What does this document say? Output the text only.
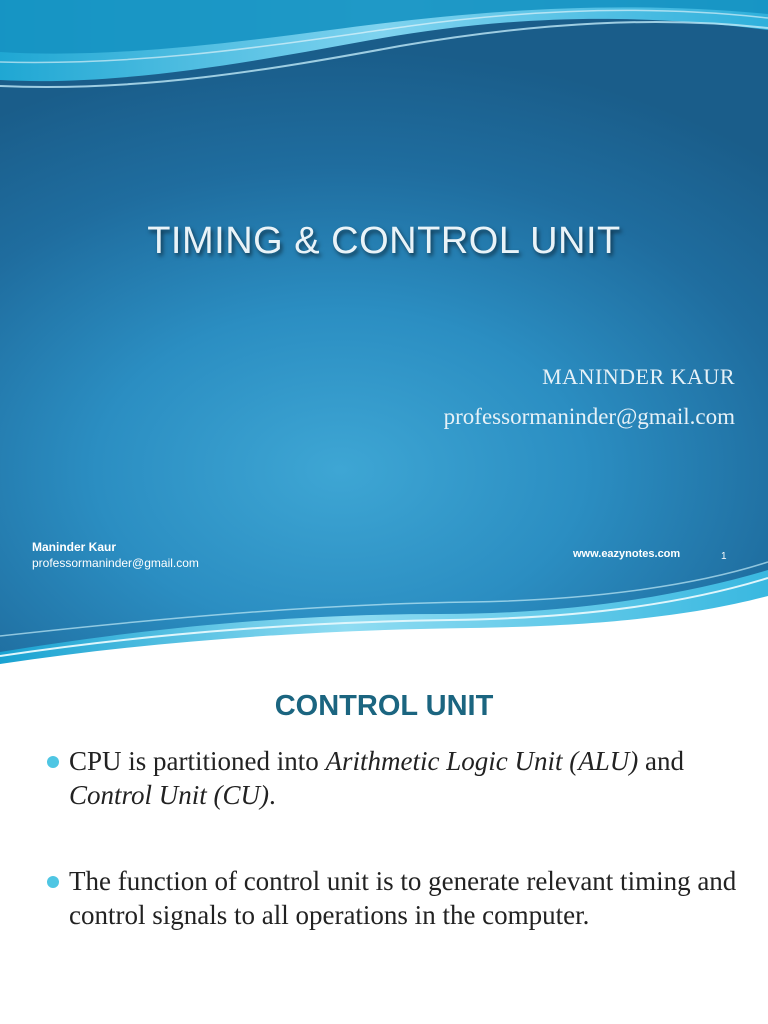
TIMING & CONTROL UNIT

MANINDER KAUR

professormaninder@gmail.com

Maninder Kaur

professormaninder@gmail.com

www.eazynotes.com	1

CONTROL UNIT
CPU is partitioned into Arithmetic Logic Unit (ALU) and Control Unit (CU).
The function of control unit is to generate relevant timing and control signals to all operations in the computer.
